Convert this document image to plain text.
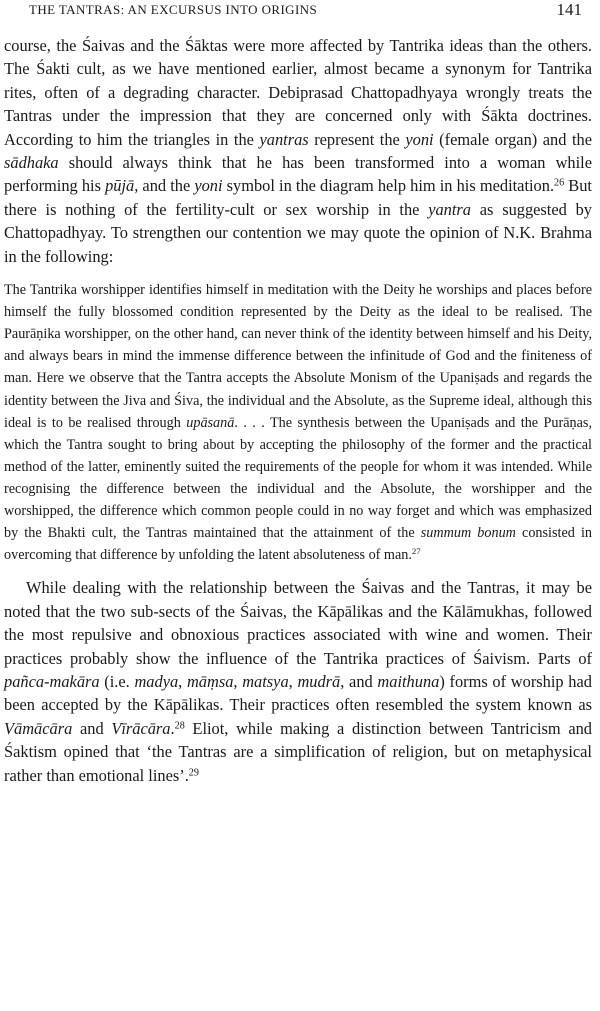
THE TANTRAS: AN EXCURSUS INTO ORIGINS	141

course, the Śaivas and the Śāktas were more affected by Tantrika ideas than the others. The Śakti cult, as we have mentioned earlier, almost became a synonym for Tantrika rites, often of a degrading character. Debiprasad Chattopadhyaya wrongly treats the Tantras under the impression that they are concerned only with Śākta doctrines. According to him the triangles in the yantras represent the yoni (female organ) and the sādhaka should always think that he has been transformed into a woman while performing his pūjā, and the yoni symbol in the diagram help him in his meditation.$^{26}$ But there is nothing of the fertility-cult or sex worship in the yantra as suggested by Chattopadhyay. To strengthen our contention we may quote the opinion of N.K. Brahma in the following:

The Tantrika worshipper identifies himself in meditation with the Deity he worships and places before himself the fully blossomed condition represented by the Deity as the ideal to be realised. The Paurāṇika worshipper, on the other hand, can never think of the identity between himself and his Deity, and always bears in mind the immense difference between the infinitude of God and the finiteness of man. Here we observe that the Tantra accepts the Absolute Monism of the Upaniṣads and regards the identity between the Jiva and Śiva, the individual and the Absolute, as the Supreme ideal, although this ideal is to be realised through upāsanā. . . . The synthesis between the Upaniṣads and the Purāṇas, which the Tantra sought to bring about by accepting the philosophy of the former and the practical method of the latter, eminently suited the requirements of the people for whom it was intended. While recognising the difference between the individual and the Absolute, the worshipper and the worshipped, the difference which common people could in no way forget and which was emphasized by the Bhakti cult, the Tantras maintained that the attainment of the summum bonum consisted in overcoming that difference by unfolding the latent absoluteness of man.$^{27}$

While dealing with the relationship between the Śaivas and the Tantras, it may be noted that the two sub-sects of the Śaivas, the Kāpālikas and the Kālāmukhas, followed the most repulsive and obnoxious practices associated with wine and women. Their practices probably show the influence of the Tantrika practices of Śaivism. Parts of pañca-makāra (i.e. madya, māṃsa, matsya, mudrā, and maithuna) forms of worship had been accepted by the Kāpālikas. Their practices often resembled the system known as Vāmācāra and Vīrācāra.$^{28}$ Eliot, while making a distinction between Tantricism and Śaktism opined that ‘the Tantras are a simplification of religion, but on metaphysical rather than emotional lines’.$^{29}$
